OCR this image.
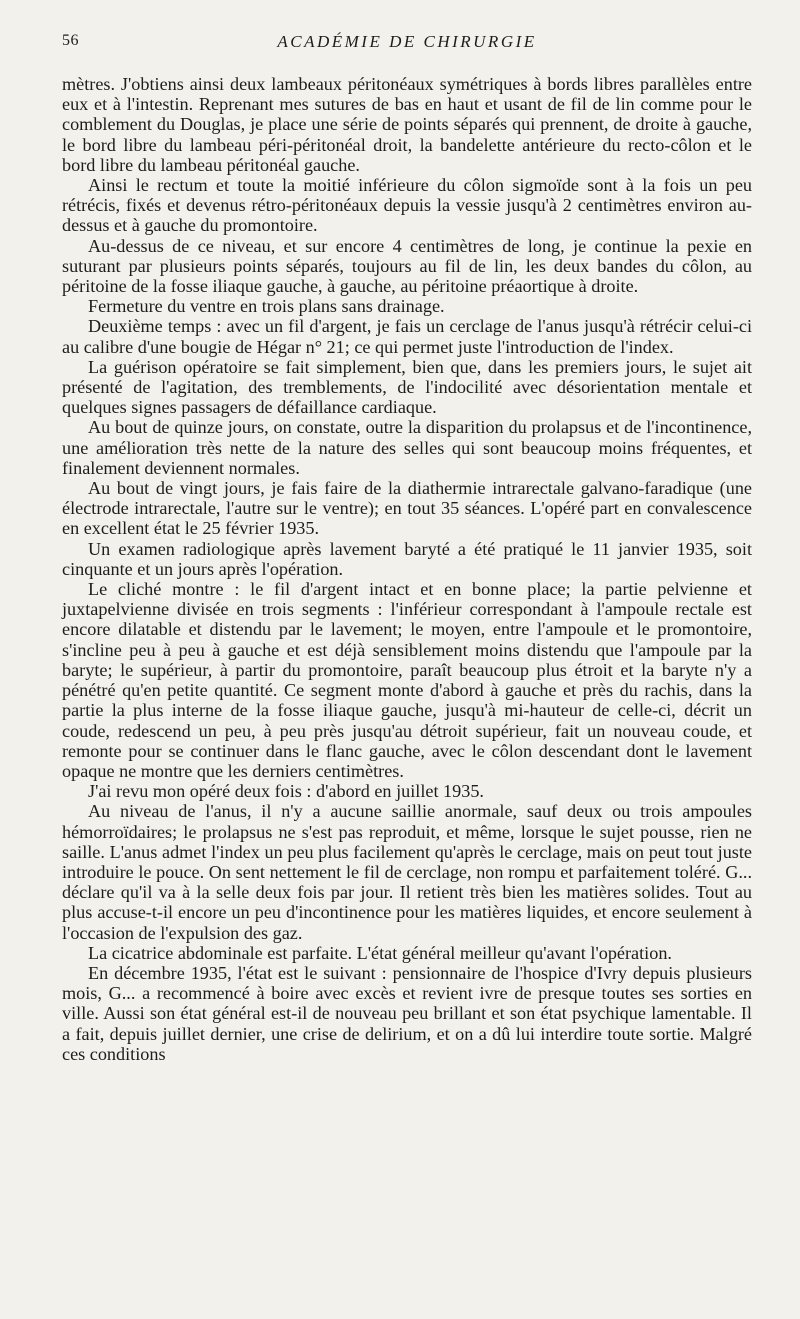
56	ACADÉMIE DE CHIRURGIE

mètres. J'obtiens ainsi deux lambeaux péritonéaux symétriques à bords libres parallèles entre eux et à l'intestin. Reprenant mes sutures de bas en haut et usant de fil de lin comme pour le comblement du Douglas, je place une série de points séparés qui prennent, de droite à gauche, le bord libre du lambeau péri-péritonéal droit, la bandelette antérieure du recto-côlon et le bord libre du lambeau péritonéal gauche.

Ainsi le rectum et toute la moitié inférieure du côlon sigmoïde sont à la fois un peu rétrécis, fixés et devenus rétro-péritonéaux depuis la vessie jusqu'à 2 centimètres environ au-dessus et à gauche du promontoire.

Au-dessus de ce niveau, et sur encore 4 centimètres de long, je continue la pexie en suturant par plusieurs points séparés, toujours au fil de lin, les deux bandes du côlon, au péritoine de la fosse iliaque gauche, à gauche, au péritoine préaortique à droite.

Fermeture du ventre en trois plans sans drainage.

Deuxième temps : avec un fil d'argent, je fais un cerclage de l'anus jusqu'à rétrécir celui-ci au calibre d'une bougie de Hégar n° 21; ce qui permet juste l'introduction de l'index.

La guérison opératoire se fait simplement, bien que, dans les premiers jours, le sujet ait présenté de l'agitation, des tremblements, de l'indocilité avec désorientation mentale et quelques signes passagers de défaillance cardiaque.

Au bout de quinze jours, on constate, outre la disparition du prolapsus et de l'incontinence, une amélioration très nette de la nature des selles qui sont beaucoup moins fréquentes, et finalement deviennent normales.

Au bout de vingt jours, je fais faire de la diathermie intrarectale galvano-faradique (une électrode intrarectale, l'autre sur le ventre); en tout 35 séances. L'opéré part en convalescence en excellent état le 25 février 1935.

Un examen radiologique après lavement baryté a été pratiqué le 11 janvier 1935, soit cinquante et un jours après l'opération.

Le cliché montre : le fil d'argent intact et en bonne place; la partie pelvienne et juxtapelvienne divisée en trois segments : l'inférieur correspondant à l'ampoule rectale est encore dilatable et distendu par le lavement; le moyen, entre l'ampoule et le promontoire, s'incline peu à peu à gauche et est déjà sensiblement moins distendu que l'ampoule par la baryte; le supérieur, à partir du promontoire, paraît beaucoup plus étroit et la baryte n'y a pénétré qu'en petite quantité. Ce segment monte d'abord à gauche et près du rachis, dans la partie la plus interne de la fosse iliaque gauche, jusqu'à mi-hauteur de celle-ci, décrit un coude, redescend un peu, à peu près jusqu'au détroit supérieur, fait un nouveau coude, et remonte pour se continuer dans le flanc gauche, avec le côlon descendant dont le lavement opaque ne montre que les derniers centimètres.

J'ai revu mon opéré deux fois : d'abord en juillet 1935.

Au niveau de l'anus, il n'y a aucune saillie anormale, sauf deux ou trois ampoules hémorroïdaires; le prolapsus ne s'est pas reproduit, et même, lorsque le sujet pousse, rien ne saille. L'anus admet l'index un peu plus facilement qu'après le cerclage, mais on peut tout juste introduire le pouce. On sent nettement le fil de cerclage, non rompu et parfaitement toléré. G... déclare qu'il va à la selle deux fois par jour. Il retient très bien les matières solides. Tout au plus accuse-t-il encore un peu d'incontinence pour les matières liquides, et encore seulement à l'occasion de l'expulsion des gaz.

La cicatrice abdominale est parfaite. L'état général meilleur qu'avant l'opération.

En décembre 1935, l'état est le suivant : pensionnaire de l'hospice d'Ivry depuis plusieurs mois, G... a recommencé à boire avec excès et revient ivre de presque toutes ses sorties en ville. Aussi son état général est-il de nouveau peu brillant et son état psychique lamentable. Il a fait, depuis juillet dernier, une crise de delirium, et on a dû lui interdire toute sortie. Malgré ces conditions
